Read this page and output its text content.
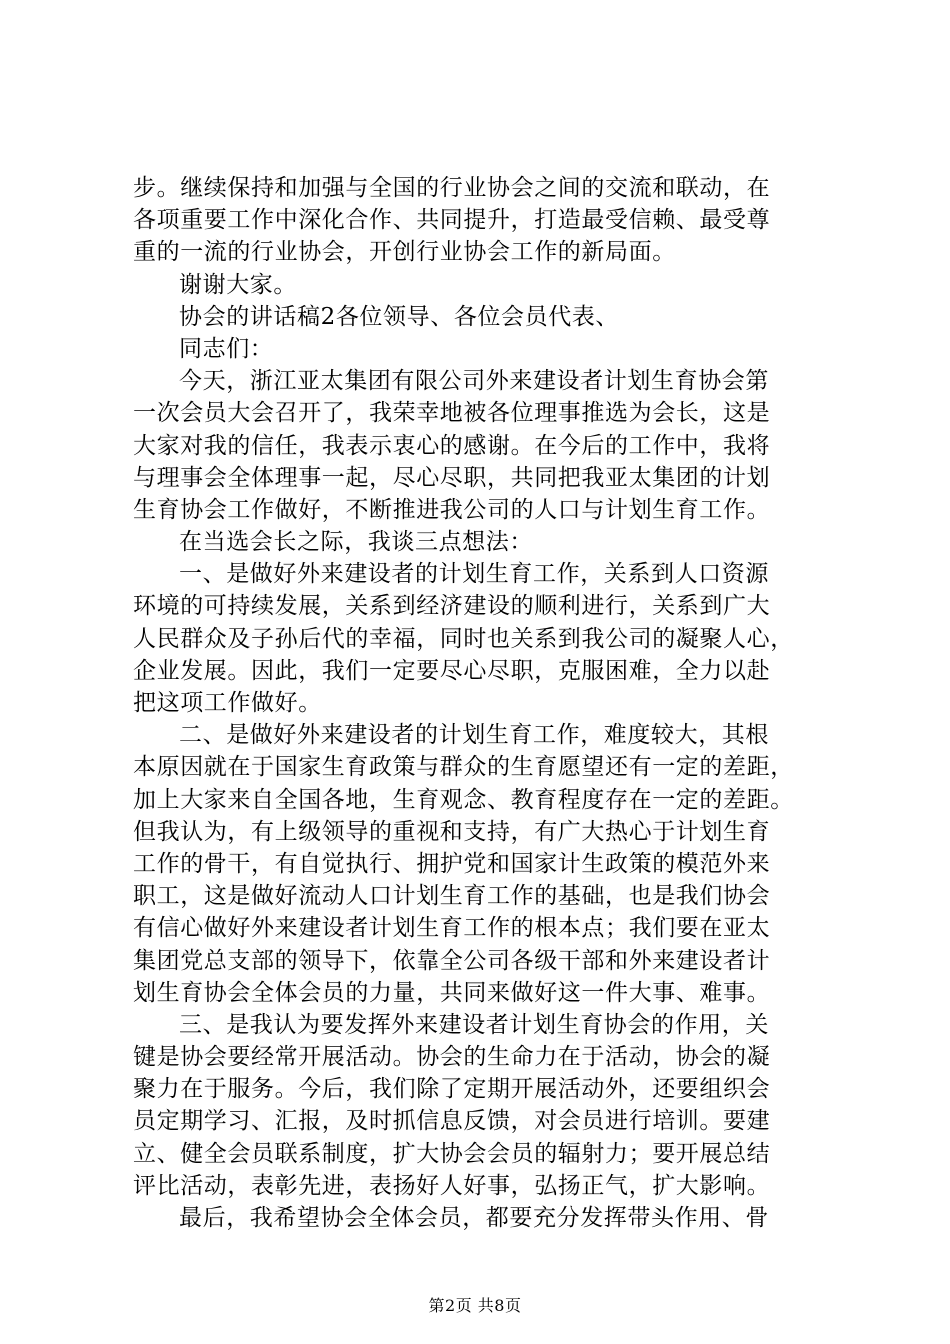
步。继续保持和加强与全国的行业协会之间的交流和联动，在
各项重要工作中深化合作、共同提升，打造最受信赖、最受尊
重的一流的行业协会，开创行业协会工作的新局面。
谢谢大家。
协会的讲话稿2各位领导、各位会员代表、
同志们：
今天，浙江亚太集团有限公司外来建设者计划生育协会第
一次会员大会召开了，我荣幸地被各位理事推选为会长，这是
大家对我的信任，我表示衷心的感谢。在今后的工作中，我将
与理事会全体理事一起，尽心尽职，共同把我亚太集团的计划
生育协会工作做好，不断推进我公司的人口与计划生育工作。
在当选会长之际，我谈三点想法：
一、是做好外来建设者的计划生育工作，关系到人口资源
环境的可持续发展，关系到经济建设的顺利进行，关系到广大
人民群众及子孙后代的幸福，同时也关系到我公司的凝聚人心，
企业发展。因此，我们一定要尽心尽职，克服困难，全力以赴
把这项工作做好。
二、是做好外来建设者的计划生育工作，难度较大，其根
本原因就在于国家生育政策与群众的生育愿望还有一定的差距，
加上大家来自全国各地，生育观念、教育程度存在一定的差距。
但我认为，有上级领导的重视和支持，有广大热心于计划生育
工作的骨干，有自觉执行、拥护党和国家计生政策的模范外来
职工，这是做好流动人口计划生育工作的基础，也是我们协会
有信心做好外来建设者计划生育工作的根本点；我们要在亚太
集团党总支部的领导下，依靠全公司各级干部和外来建设者计
划生育协会全体会员的力量，共同来做好这一件大事、难事。
三、是我认为要发挥外来建设者计划生育协会的作用，关
键是协会要经常开展活动。协会的生命力在于活动，协会的凝
聚力在于服务。今后，我们除了定期开展活动外，还要组织会
员定期学习、汇报，及时抓信息反馈，对会员进行培训。要建
立、健全会员联系制度，扩大协会会员的辐射力；要开展总结
评比活动，表彰先进，表扬好人好事，弘扬正气，扩大影响。
最后，我希望协会全体会员，都要充分发挥带头作用、骨
第2页 共8页
